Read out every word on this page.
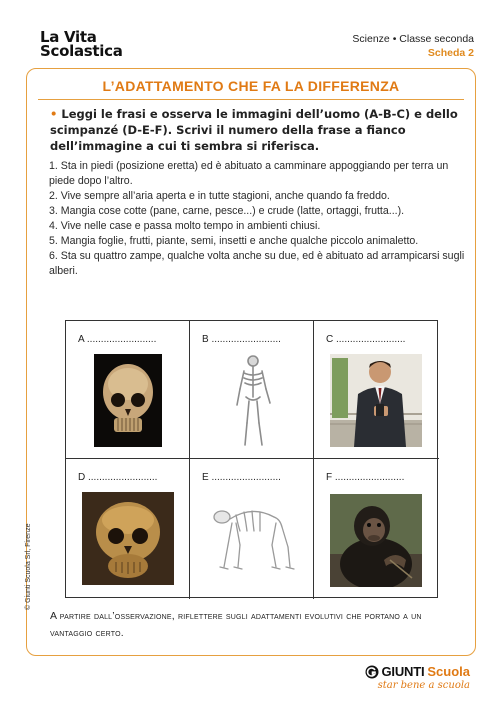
La Vita
Scolastica
Scienze • Classe seconda
Scheda 2
L’ADATTAMENTO CHE FA LA DIFFERENZA
• Leggi le frasi e osserva le immagini dell’uomo (A-B-C) e dello scimpanzé (D-E-F). Scrivi il numero della frase a fianco dell’immagine a cui ti sembra si riferisca.

1. Sta in piedi (posizione eretta) ed è abituato a camminare appoggiando per terra un piede dopo l’altro.

2. Vive sempre all’aria aperta e in tutte stagioni, anche quando fa freddo.

3. Mangia cose cotte (pane, carne, pesce...) e crude (latte, ortaggi, frutta...).

4. Vive nelle case e passa molto tempo in ambienti chiusi.

5. Mangia foglie, frutti, piante, semi, insetti e anche qualche piccolo animaletto.

6. Sta su quattro zampe, qualche volta anche su due, ed è abituato ad arrampicarsi sugli alberi.

A .........................	B .........................	C .........................
D .........................	E .........................	F .........................
A partire dall’osservazione, riflettere sugli adattamenti evolutivi che portano a un vantaggio certo.
© Giunti Scuola Srl, Firenze
GIUNTI Scuola
star bene a scuola
